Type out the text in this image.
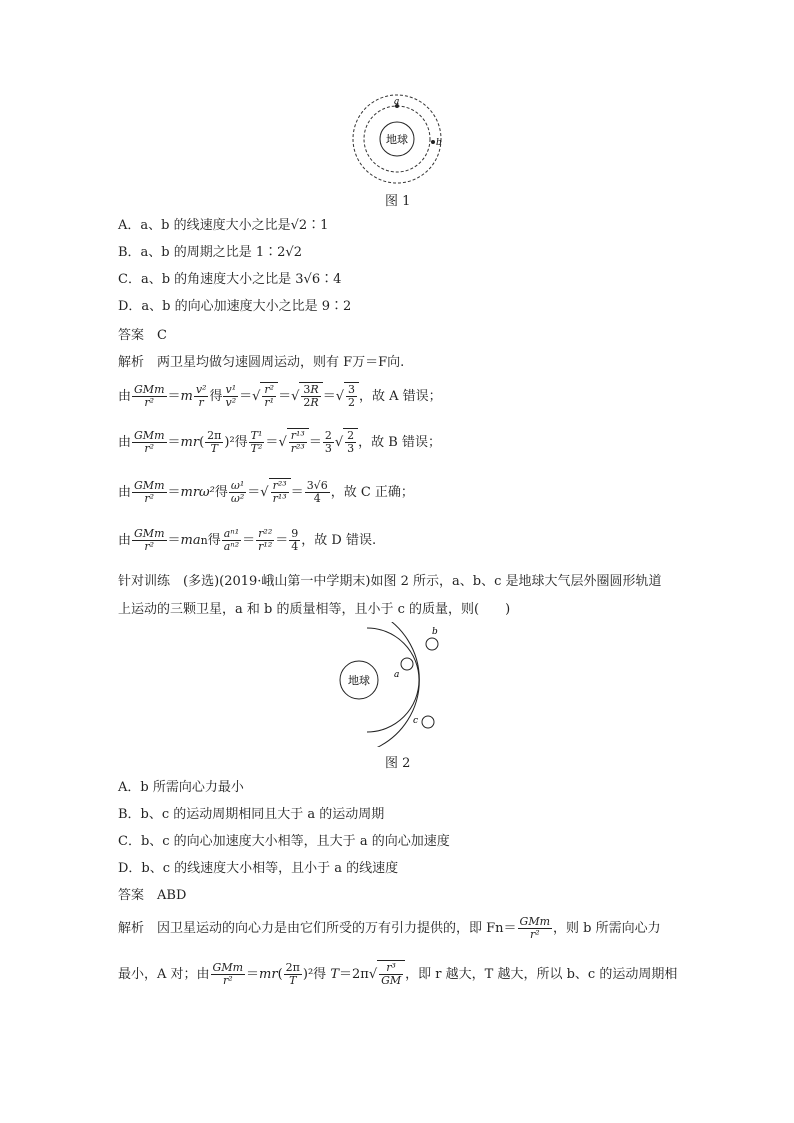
地球
a
b
图 1
A．a、b 的线速度大小之比是√2∶1
B．a、b 的周期之比是 1∶2√2
C．a、b 的角速度大小之比是 3√6∶4
D．a、b 的向心加速度大小之比是 9∶2
答案　C
解析　两卫星均做匀速圆周运动，则有 F万＝F向.
由 $\frac{\text{GMm}}{\text{r²}} =m \frac{\text{v²}}{r}$ 得 $\frac{\text{v¹}}{\text{v²}}$ ＝√ $\frac{\text{r²}}{\text{r¹}}$ ＝√ $\frac{3R}{2R}$ ＝√ $\frac{3}{2}$ ，故 A 错误；
由 $\frac{\text{GMm}}{\text{r²}} =mr( \frac{2\pi}{T} )^2$得 $\frac{\text{T¹}}{\text{T²}}$ ＝√ $\frac{\text{r¹³}}{\text{r²³}} = \frac{2}{3}$ √ $\frac{2}{3}$ ，故 B 错误；
由 $\frac{\text{GMm}}{\text{r²}} =mr\omega^2$得 $\frac{\text{ω¹}}{\text{ω²}}$ ＝√ $\frac{\text{r²³}}{\text{r¹³}} = \frac{3√6}{4}$ ，故 C 正确；
由 $\frac{\text{GMm}}{\text{r²}} =man$得 $\frac{\text{aⁿ¹}}{\text{aⁿ²}} = \frac{\text{r²²}}{\text{r¹²}} = \frac{9}{4}$ ，故 D 错误.
针对训练　(多选)(2019·峨山第一中学期末)如图 2 所示，a、b、c 是地球大气层外圈圆形轨道
上运动的三颗卫星，a 和 b 的质量相等，且小于 c 的质量，则(　　)
地球	a
b
c
图 2
A．b 所需向心力最小
B．b、c 的运动周期相同且大于 a 的运动周期
C．b、c 的向心加速度大小相等，且大于 a 的向心加速度
D．b、c 的线速度大小相等，且小于 a 的线速度
答案　ABD
解析　因卫星运动的向心力是由它们所受的万有引力提供的，即 $Fn= \frac{\text{GMm}}{\text{r²}}$ ，则 b 所需向心力
最小，A 对；由 $\frac{\text{GMm}}{\text{r²}} =mr( \frac{2\pi}{T} )^2$得 $T=2\pi√ \frac{\text{r³}}{GM}$ ，即 r 越大，T 越大，所以 b、c 的运动周期相
